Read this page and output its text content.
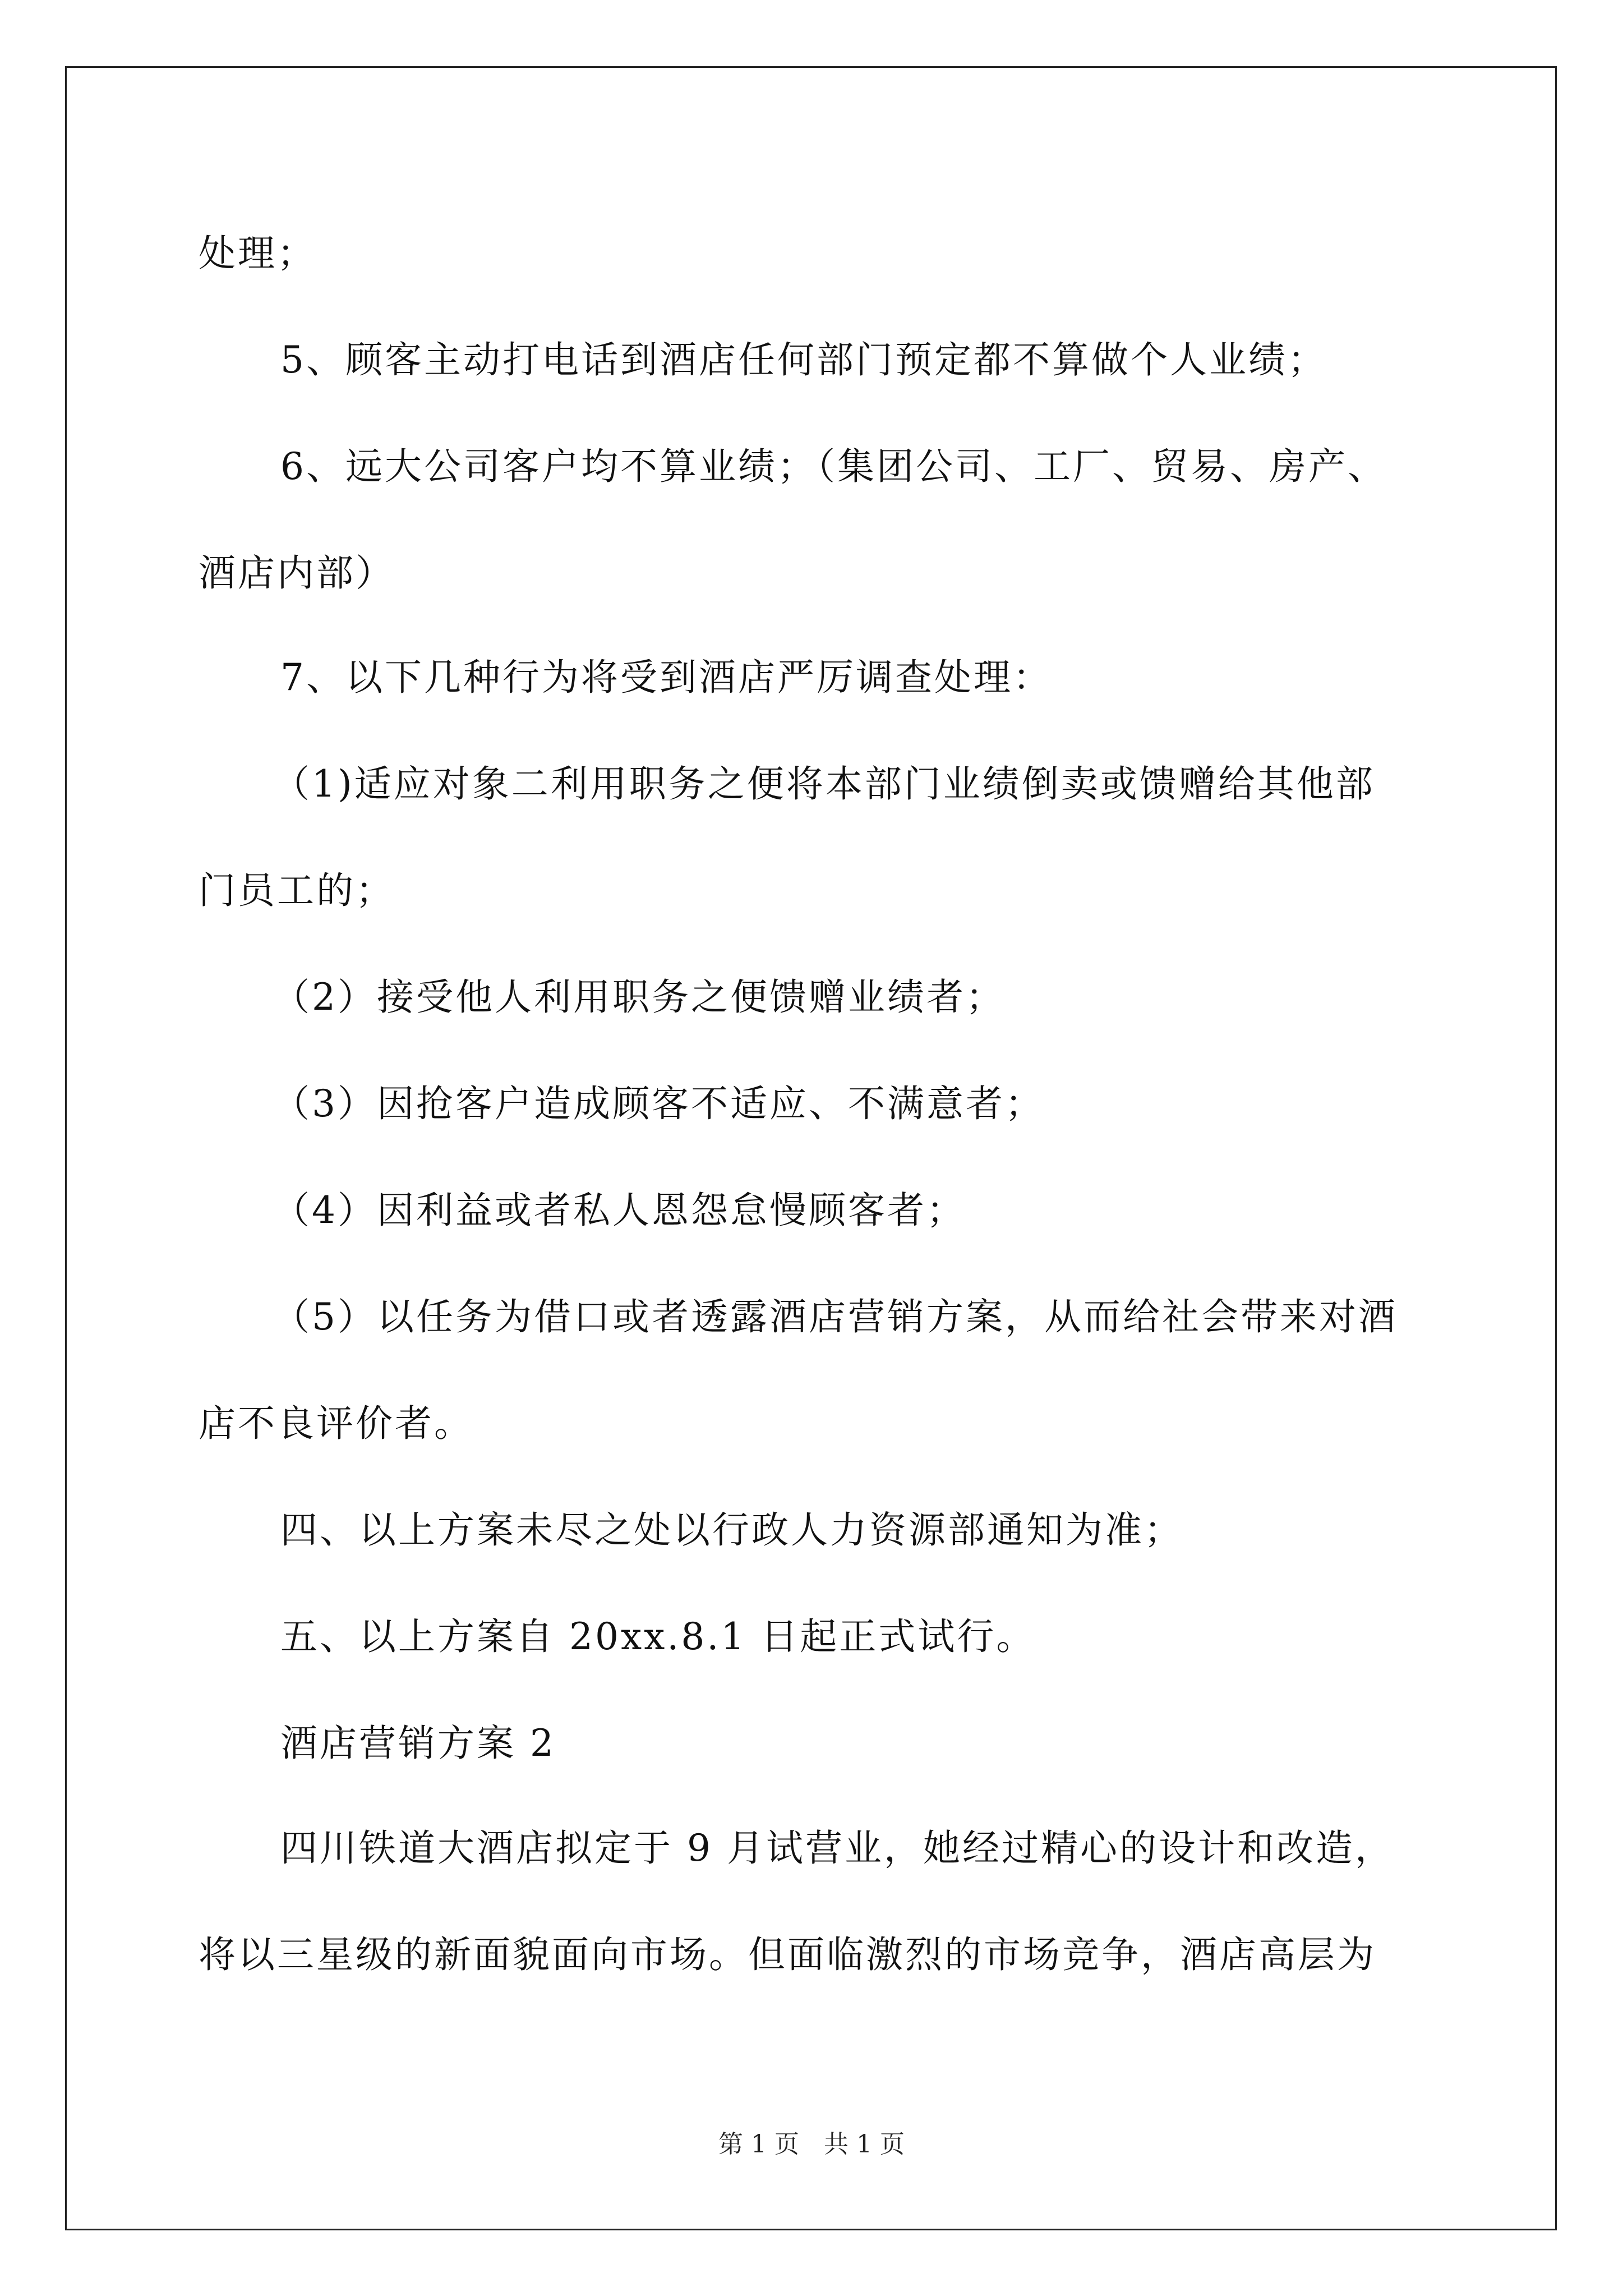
处理；
5、顾客主动打电话到酒店任何部门预定都不算做个人业绩；
6、远大公司客户均不算业绩；（集团公司、工厂、贸易、房产、
酒店内部）
7、以下几种行为将受到酒店严厉调查处理：
（1)适应对象二利用职务之便将本部门业绩倒卖或馈赠给其他部
门员工的；
（2）接受他人利用职务之便馈赠业绩者；
（3）因抢客户造成顾客不适应、不满意者；
（4）因利益或者私人恩怨怠慢顾客者；
（5）以任务为借口或者透露酒店营销方案，从而给社会带来对酒
店不良评价者。
四、以上方案未尽之处以行政人力资源部通知为准；
五、以上方案自 20xx.8.1 日起正式试行。
酒店营销方案 2
四川铁道大酒店拟定于 9 月试营业，她经过精心的设计和改造，
将以三星级的新面貌面向市场。但面临激烈的市场竞争，酒店高层为
第 1 页　共 1 页
